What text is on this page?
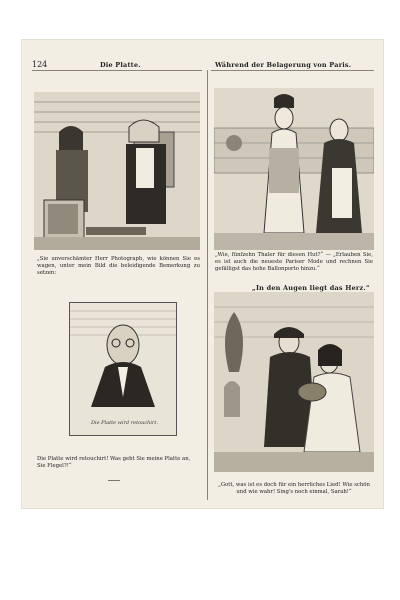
124	Die Platte.	Während der Belagerung von Paris.
„In den Augen liegt das Herz.“
Die Platte wird retouchirt.
„Sie unverschämter Herr Photograph, wie können Sie es wagen, unter mein Bild die beleidigende Bemerkung zu setzen:
„Wie, fünfzehn Thaler für diesen Hut?“ — „Erlauben Sie, es ist auch die neueste Pariser Mode und rechnen Sie gefälligst das hohe Ballonporto hinzu.“
Die Platte wird retouchirt! Was geht Sie meine Platte an, Sie Flegel?!“
„Gott, was ist es doch für ein herrliches Lied! Wie schön und wie wahr! Sing's noch einmal, Sarah!“
